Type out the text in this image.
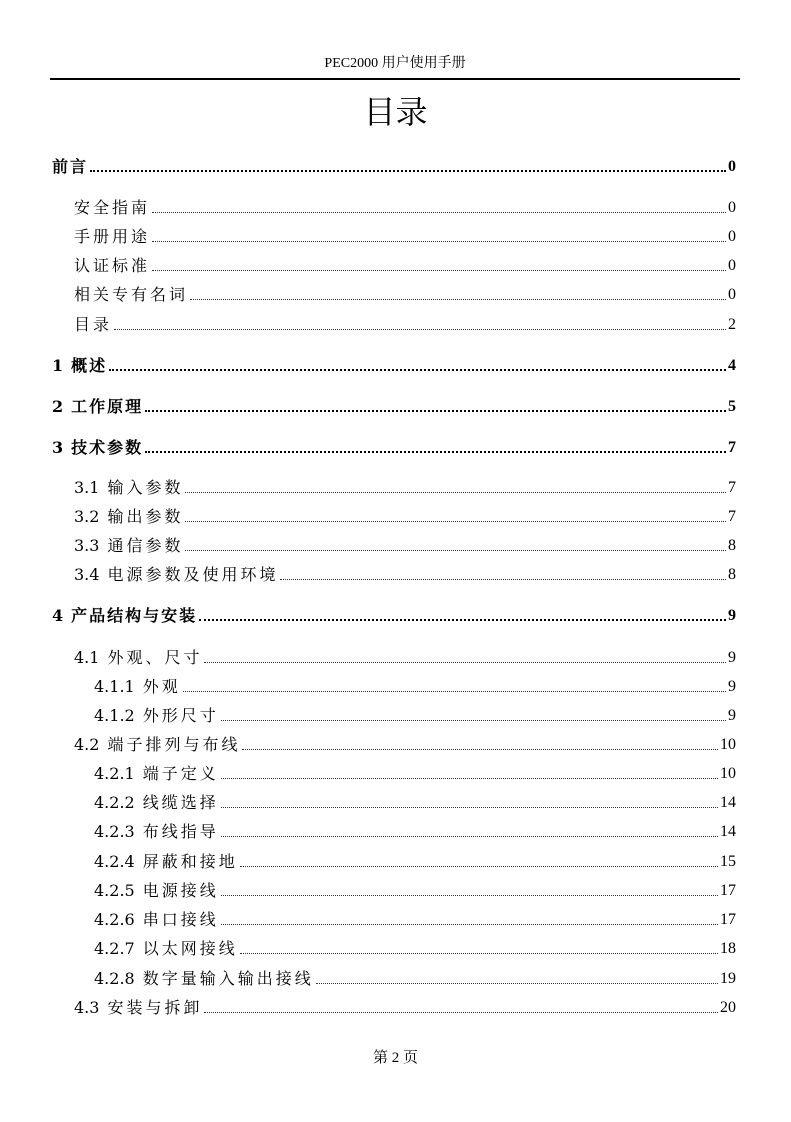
PEC2000 用户使用手册
目录
前言	0
安全指南	0
手册用途	0
认证标准	0
相关专有名词	0
目录	2
1 概述	4
2 工作原理	5
3 技术参数	7
3.1 输入参数	7
3.2 输出参数	7
3.3 通信参数	8
3.4 电源参数及使用环境	8
4 产品结构与安装	9
4.1 外观、尺寸	9
4.1.1 外观	9
4.1.2 外形尺寸	9
4.2 端子排列与布线	10
4.2.1 端子定义	10
4.2.2 线缆选择	14
4.2.3 布线指导	14
4.2.4 屏蔽和接地	15
4.2.5 电源接线	17
4.2.6 串口接线	17
4.2.7 以太网接线	18
4.2.8 数字量输入输出接线	19
4.3 安装与拆卸	20
第 2 页
